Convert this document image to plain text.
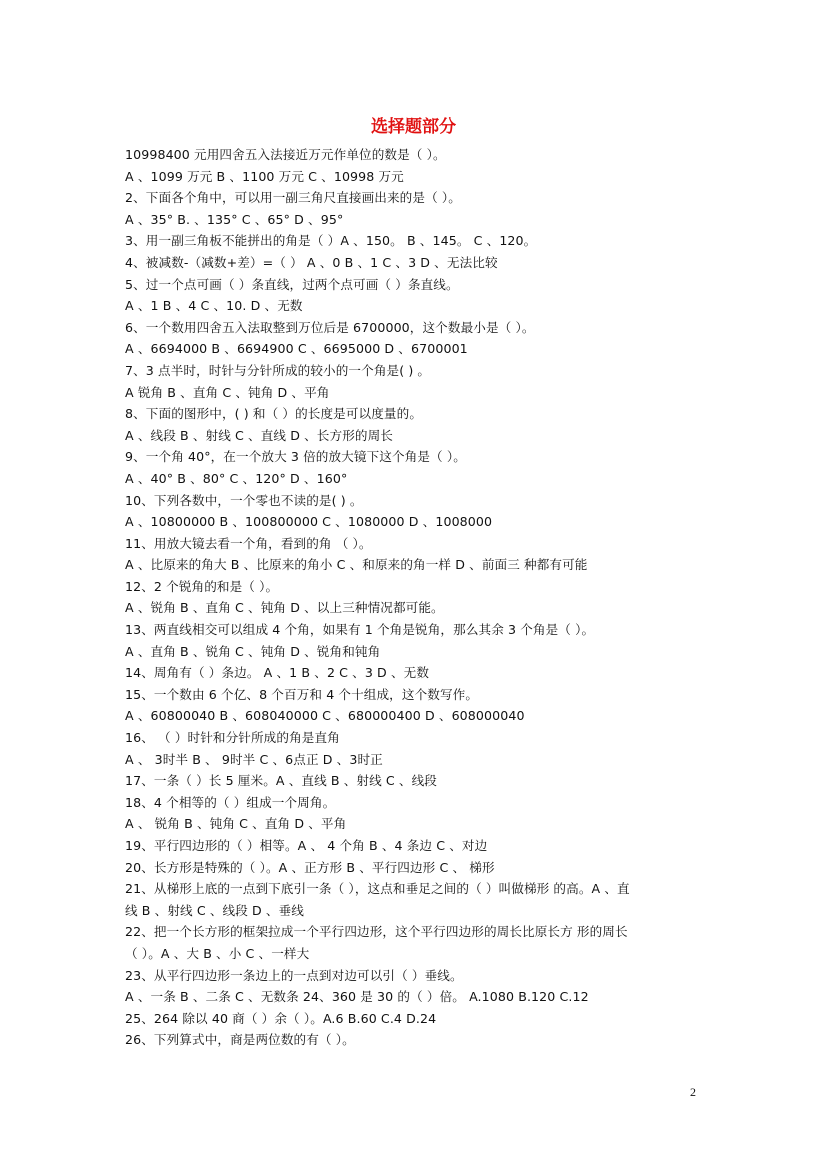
选择题部分
10998400 元用四舍五入法接近万元作单位的数是（ ）。
A 、1099 万元 B 、1100 万元 C 、10998 万元
2、下面各个角中，可以用一副三角尺直接画出来的是（ ）。
A 、35° B. 、135° C 、65° D 、95°
3、用一副三角板不能拼出的角是（ ）A 、150。 B 、145。 C 、120。
4、被减数-（减数+差）=（ ） A 、0 B 、1 C 、3 D 、无法比较
5、过一个点可画（ ）条直线，过两个点可画（ ）条直线。
A 、1 B 、4 C 、10. D 、无数
6、一个数用四舍五入法取整到万位后是 6700000，这个数最小是（ ）。
A 、6694000 B 、6694900 C 、6695000 D 、6700001
7、3 点半时，时针与分针所成的较小的一个角是( ) 。
A 锐角 B 、直角 C 、钝角 D 、平角
8、下面的图形中，( ) 和（ ）的长度是可以度量的。
A 、线段 B 、射线 C 、直线 D 、长方形的周长
9、一个角 40°，在一个放大 3 倍的放大镜下这个角是（ ）。
A 、40° B 、80° C 、120° D 、160°
10、下列各数中，一个零也不读的是( ) 。
A 、10800000 B 、100800000 C 、1080000 D 、1008000
11、用放大镜去看一个角，看到的角 （ ）。
A 、比原来的角大 B 、比原来的角小 C 、和原来的角一样 D 、前面三 种都有可能
12、2 个锐角的和是（ ）。
A 、锐角 B 、直角 C 、钝角 D 、以上三种情况都可能。
13、两直线相交可以组成 4 个角，如果有 1 个角是锐角，那么其余 3 个角是（ ）。
A 、直角 B 、锐角 C 、钝角 D 、锐角和钝角
14、周角有（ ）条边。 A 、1 B 、2 C 、3 D 、无数
15、一个数由 6 个亿、8 个百万和 4 个十组成，这个数写作。
A 、60800040 B 、608040000 C 、680000400 D 、608000040
16、 （ ）时针和分针所成的角是直角
A 、 3时半 B 、 9时半 C 、6点正 D 、3时正
17、一条（ ）长 5 厘米。A 、直线 B 、射线 C 、线段
18、4 个相等的（ ）组成一个周角。
A 、 锐角 B 、钝角 C 、直角 D 、平角
19、平行四边形的（ ）相等。A 、 4 个角 B 、4 条边 C 、对边
20、长方形是特殊的（ ）。A 、正方形 B 、平行四边形 C 、 梯形
21、从梯形上底的一点到下底引一条（ ），这点和垂足之间的（ ）叫做梯形 的高。A 、直
线 B 、射线 C 、线段 D 、垂线
22、把一个长方形的框架拉成一个平行四边形，这个平行四边形的周长比原长方 形的周长
（ ）。A 、大 B 、小 C 、一样大
23、从平行四边形一条边上的一点到对边可以引（ ）垂线。
A 、一条 B 、二条 C 、无数条 24、360 是 30 的（ ）倍。 A.1080 B.120 C.12
25、264 除以 40 商（ ）余（ ）。A.6 B.60 C.4 D.24
26、下列算式中，商是两位数的有（ ）。
2
